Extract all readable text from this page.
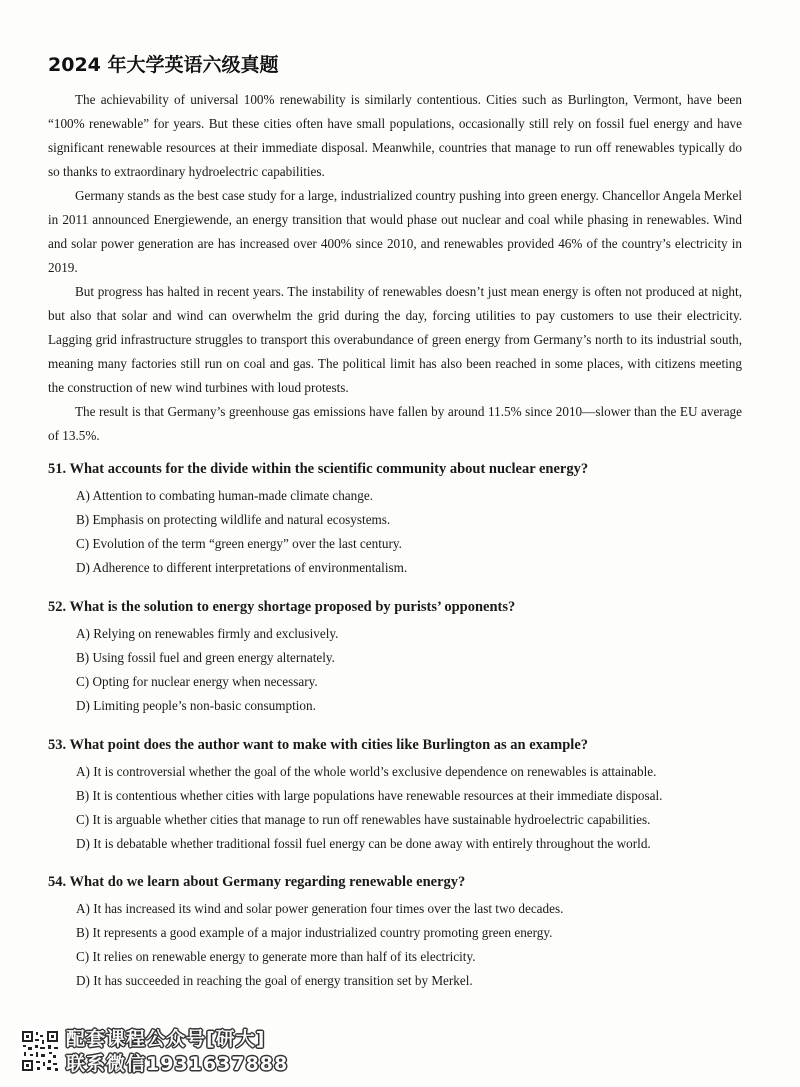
2024 年大学英语六级真题

The achievability of universal 100% renewability is similarly contentious. Cities such as Burlington, Vermont, have been “100% renewable” for years. But these cities often have small populations, occasionally still rely on fossil fuel energy and have significant renewable resources at their immediate disposal. Meanwhile, countries that manage to run off renewables typically do so thanks to extraordinary hydroelectric capabilities.

Germany stands as the best case study for a large, industrialized country pushing into green energy. Chancellor Angela Merkel in 2011 announced Energiewende, an energy transition that would phase out nuclear and coal while phasing in renewables. Wind and solar power generation are has increased over 400% since 2010, and renewables provided 46% of the country’s electricity in 2019.

But progress has halted in recent years. The instability of renewables doesn’t just mean energy is often not produced at night, but also that solar and wind can overwhelm the grid during the day, forcing utilities to pay customers to use their electricity. Lagging grid infrastructure struggles to transport this overabundance of green energy from Germany’s north to its industrial south, meaning many factories still run on coal and gas. The political limit has also been reached in some places, with citizens meeting the construction of new wind turbines with loud protests.

The result is that Germany’s greenhouse gas emissions have fallen by around 11.5% since 2010—slower than the EU average of 13.5%.

51. What accounts for the divide within the scientific community about nuclear energy?
A) Attention to combating human-made climate change.
B) Emphasis on protecting wildlife and natural ecosystems.
C) Evolution of the term “green energy” over the last century.
D) Adherence to different interpretations of environmentalism.
52. What is the solution to energy shortage proposed by purists’ opponents?
A) Relying on renewables firmly and exclusively.
B) Using fossil fuel and green energy alternately.
C) Opting for nuclear energy when necessary.
D) Limiting people’s non-basic consumption.
53. What point does the author want to make with cities like Burlington as an example?
A) It is controversial whether the goal of the whole world’s exclusive dependence on renewables is attainable.
B) It is contentious whether cities with large populations have renewable resources at their immediate disposal.
C) It is arguable whether cities that manage to run off renewables have sustainable hydroelectric capabilities.
D) It is debatable whether traditional fossil fuel energy can be done away with entirely throughout the world.
54. What do we learn about Germany regarding renewable energy?
A) It has increased its wind and solar power generation four times over the last two decades.
B) It represents a good example of a major industrialized country promoting green energy.
C) It relies on renewable energy to generate more than half of its electricity.
D) It has succeeded in reaching the goal of energy transition set by Merkel.
配套课程公众号[研大]
联系微信1931637888
